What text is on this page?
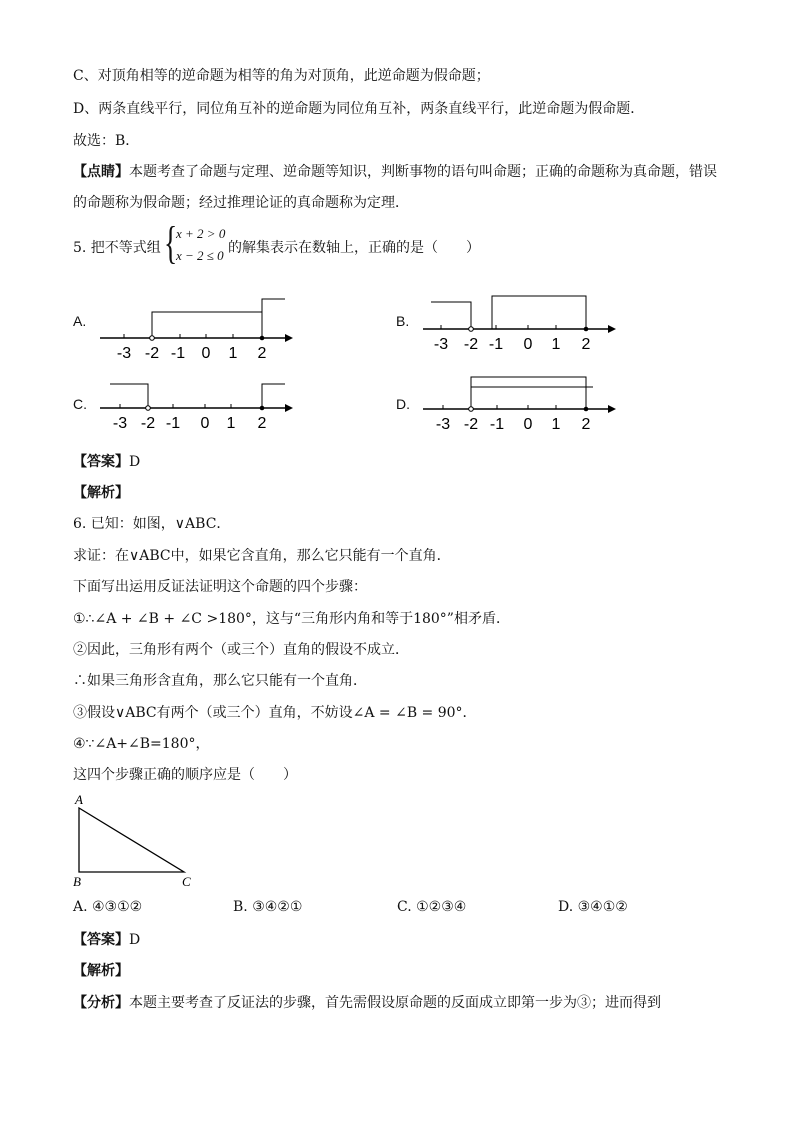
C、对顶角相等的逆命题为相等的角为对顶角，此逆命题为假命题；
D、两条直线平行，同位角互补的逆命题为同位角互补，两条直线平行，此逆命题为假命题．
故选：B．
【点睛】本题考查了命题与定理、逆命题等知识，判断事物的语句叫命题；正确的命题称为真命题，错误
的命题称为假命题；经过推理论证的真命题称为定理．
5. 把不等式组 {
x + 2 > 0
x − 2 ≤ 0 的解集表示在数轴上，正确的是（　　）
A.	B.
C.	D.
-3 -2 -1 0 1 2
-3 -2 -1 0 1 2
-3 -2 -1 0 1 2	-3 -2 -1 0 1 2
【答案】D
【解析】
6. 已知：如图，∨ABC．
求证：在∨ABC中，如果它含直角，那么它只能有一个直角．
下面写出运用反证法证明这个命题的四个步骤：
①∴∠A + ∠B + ∠C >180°，这与“三角形内角和等于180°”相矛盾．
②因此，三角形有两个（或三个）直角的假设不成立．
∴如果三角形含直角，那么它只能有一个直角．
③假设∨ABC有两个（或三个）直角，不妨设∠A = ∠B = 90°．
④∵∠A+∠B=180°，
这四个步骤正确的顺序应是（　　）
A
B	C
A. ④③①②	B. ③④②①	C. ①②③④	D. ③④①②
【答案】D
【解析】
【分析】本题主要考查了反证法的步骤，首先需假设原命题的反面成立即第一步为③；进而得到
